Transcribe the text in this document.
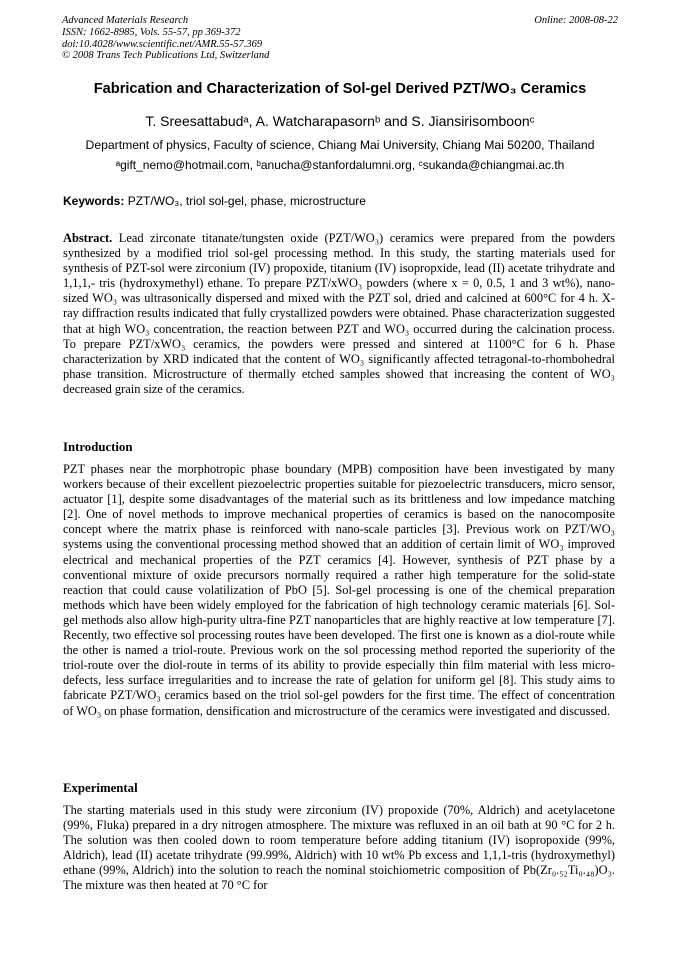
Advanced Materials Research	Online: 2008-08-22
ISSN: 1662-8985, Vols. 55-57, pp 369-372
doi:10.4028/www.scientific.net/AMR.55-57.369
© 2008 Trans Tech Publications Ltd, Switzerland
Fabrication and Characterization of Sol-gel Derived PZT/WO₃ Ceramics
T. Sreesattabudᵃ, A. Watcharapasornᵇ and S. Jiansirisomboonᶜ
Department of physics, Faculty of science, Chiang Mai University, Chiang Mai 50200, Thailand
ᵃgift_nemo@hotmail.com, ᵇanucha@stanfordalumni.org, ᶜsukanda@chiangmai.ac.th
Keywords: PZT/WO₃, triol sol-gel, phase, microstructure
Abstract. Lead zirconate titanate/tungsten oxide (PZT/WO₃) ceramics were prepared from the powders synthesized by a modified triol sol-gel processing method. In this study, the starting materials used for synthesis of PZT-sol were zirconium (IV) propoxide, titanium (IV) isopropxide, lead (II) acetate trihydrate and 1,1,1,- tris (hydroxymethyl) ethane. To prepare PZT/xWO₃ powders (where x = 0, 0.5, 1 and 3 wt%), nano-sized WO₃ was ultrasonically dispersed and mixed with the PZT sol, dried and calcined at 600°C for 4 h. X-ray diffraction results indicated that fully crystallized powders were obtained. Phase characterization suggested that at high WO₃ concentration, the reaction between PZT and WO₃ occurred during the calcination process. To prepare PZT/xWO₃ ceramics, the powders were pressed and sintered at 1100°C for 6 h. Phase characterization by XRD indicated that the content of WO₃ significantly affected tetragonal-to-rhombohedral phase transition. Microstructure of thermally etched samples showed that increasing the content of WO₃ decreased grain size of the ceramics.
Introduction
PZT phases near the morphotropic phase boundary (MPB) composition have been investigated by many workers because of their excellent piezoelectric properties suitable for piezoelectric transducers, micro sensor, actuator [1], despite some disadvantages of the material such as its brittleness and low impedance matching [2]. One of novel methods to improve mechanical properties of ceramics is based on the nanocomposite concept where the matrix phase is reinforced with nano-scale particles [3]. Previous work on PZT/WO₃ systems using the conventional processing method showed that an addition of certain limit of WO₃ improved electrical and mechanical properties of the PZT ceramics [4]. However, synthesis of PZT phase by a conventional mixture of oxide precursors normally required a rather high temperature for the solid-state reaction that could cause volatilization of PbO [5]. Sol-gel processing is one of the chemical preparation methods which have been widely employed for the fabrication of high technology ceramic materials [6]. Sol-gel methods also allow high-purity ultra-fine PZT nanoparticles that are highly reactive at low temperature [7]. Recently, two effective sol processing routes have been developed. The first one is known as a diol-route while the other is named a triol-route. Previous work on the sol processing method reported the superiority of the triol-route over the diol-route in terms of its ability to provide especially thin film material with less micro-defects, less surface irregularities and to increase the rate of gelation for uniform gel [8]. This study aims to fabricate PZT/WO₃ ceramics based on the triol sol-gel powders for the first time. The effect of concentration of WO₃ on phase formation, densification and microstructure of the ceramics were investigated and discussed.
Experimental
The starting materials used in this study were zirconium (IV) propoxide (70%, Aldrich) and acetylacetone (99%, Fluka) prepared in a dry nitrogen atmosphere. The mixture was refluxed in an oil bath at 90 °C for 2 h. The solution was then cooled down to room temperature before adding titanium (IV) isopropoxide (99%, Aldrich), lead (II) acetate trihydrate (99.99%, Aldrich) with 10 wt% Pb excess and 1,1,1-tris (hydroxymethyl) ethane (99%, Aldrich) into the solution to reach the nominal stoichiometric composition of Pb(Zr₀.₅₂Ti₀.₄₈)O₃. The mixture was then heated at 70 °C for
